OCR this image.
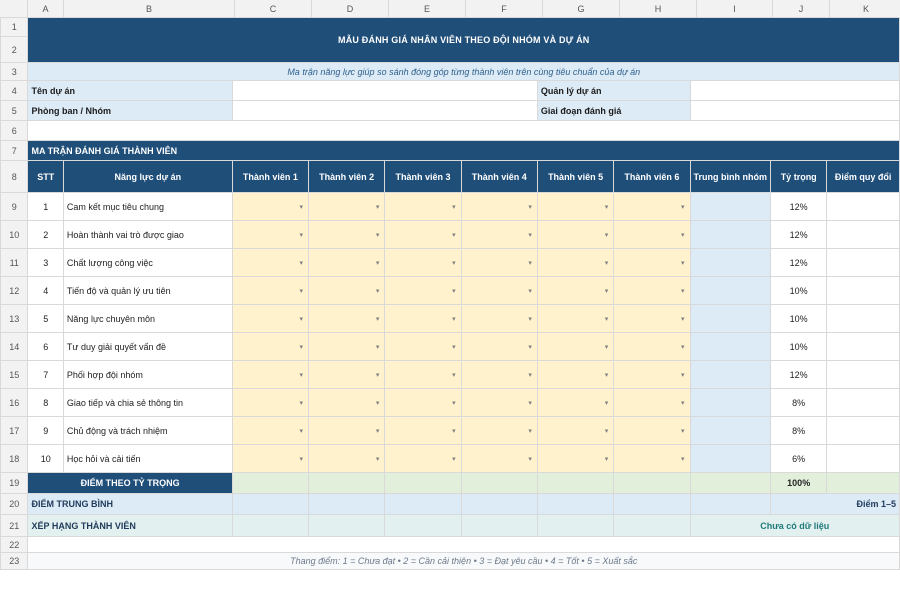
A	B	C	D	E	F	G	H	I	J	K
1	MẪU ĐÁNH GIÁ NHÂN VIÊN THEO ĐỘI NHÓM VÀ DỰ ÁN										
2											
3	Ma trận năng lực giúp so sánh đóng góp từng thành viên trên cùng tiêu chuẩn của dự án										
4	Tên dự án						Quản lý dự án				
5	Phòng ban / Nhóm						Giai đoạn đánh giá				
6											
7	MA TRẬN ĐÁNH GIÁ THÀNH VIÊN										
8	STT	Năng lực dự án	Thành viên 1	Thành viên 2	Thành viên 3	Thành viên 4	Thành viên 5	Thành viên 6	Trung bình nhóm	Tỷ trọng	Điểm quy đổi
9	1	Cam kết mục tiêu chung	▾	▾	▾	▾	▾	▾		12%	
10	2	Hoàn thành vai trò được giao	▾	▾	▾	▾	▾	▾		12%	
11	3	Chất lượng công việc	▾	▾	▾	▾	▾	▾		12%	
12	4	Tiến độ và quản lý ưu tiên	▾	▾	▾	▾	▾	▾		10%	
13	5	Năng lực chuyên môn	▾	▾	▾	▾	▾	▾		10%	
14	6	Tư duy giải quyết vấn đề	▾	▾	▾	▾	▾	▾		10%	
15	7	Phối hợp đội nhóm	▾	▾	▾	▾	▾	▾		12%	
16	8	Giao tiếp và chia sẻ thông tin	▾	▾	▾	▾	▾	▾		8%	
17	9	Chủ động và trách nhiệm	▾	▾	▾	▾	▾	▾		8%	
18	10	Học hỏi và cải tiến	▾	▾	▾	▾	▾	▾		6%	
19	ĐIỂM THEO TỶ TRỌNG									100%	
20	ĐIỂM TRUNG BÌNH									Điểm 1–5	
21	XẾP HẠNG THÀNH VIÊN								Chưa có dữ liệu		
22											
23	Thang điểm: 1 = Chưa đạt • 2 = Cần cải thiện • 3 = Đạt yêu cầu • 4 = Tốt • 5 = Xuất sắc										
